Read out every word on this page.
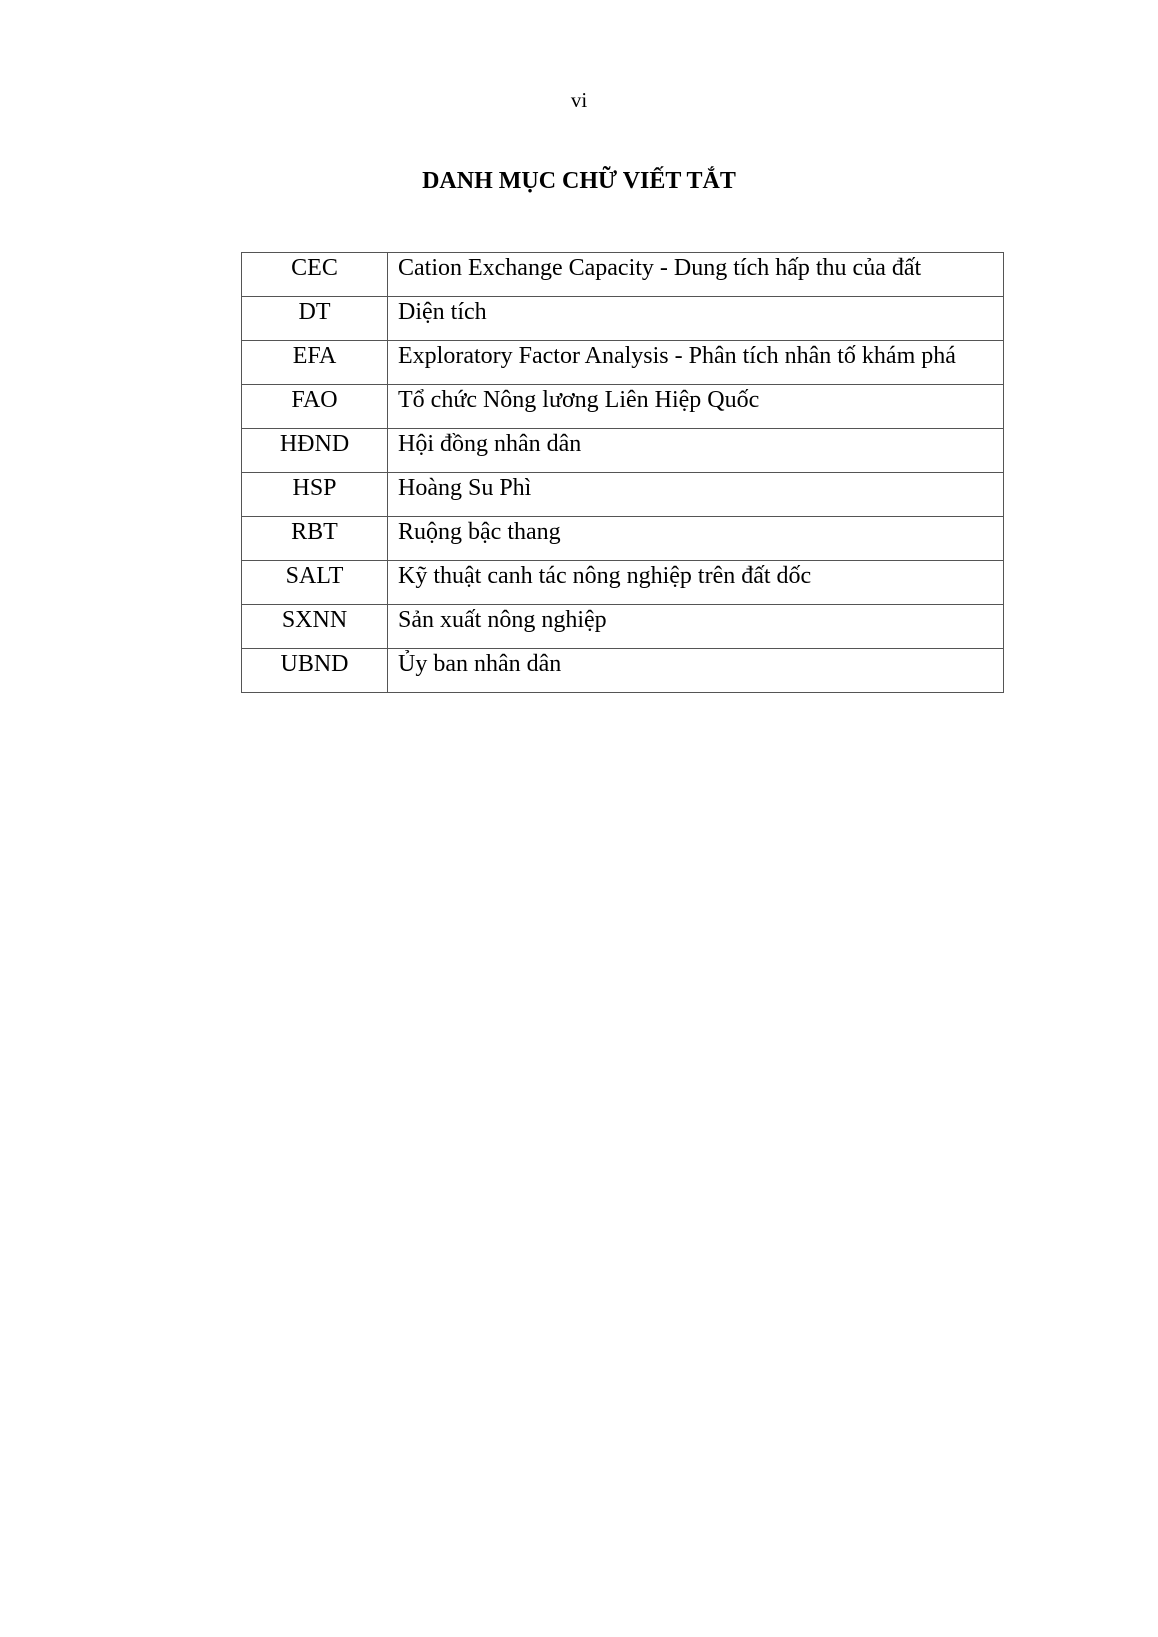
vi
DANH MỤC CHỮ VIẾT TẮT
CEC	Cation Exchange Capacity - Dung tích hấp thu của đất
DT	Diện tích
EFA	Exploratory Factor Analysis - Phân tích nhân tố khám phá
FAO	Tổ chức Nông lương Liên Hiệp Quốc
HĐND	Hội đồng nhân dân
HSP	Hoàng Su Phì
RBT	Ruộng bậc thang
SALT	Kỹ thuật canh tác nông nghiệp trên đất dốc
SXNN	Sản xuất nông nghiệp
UBND	Ủy ban nhân dân
